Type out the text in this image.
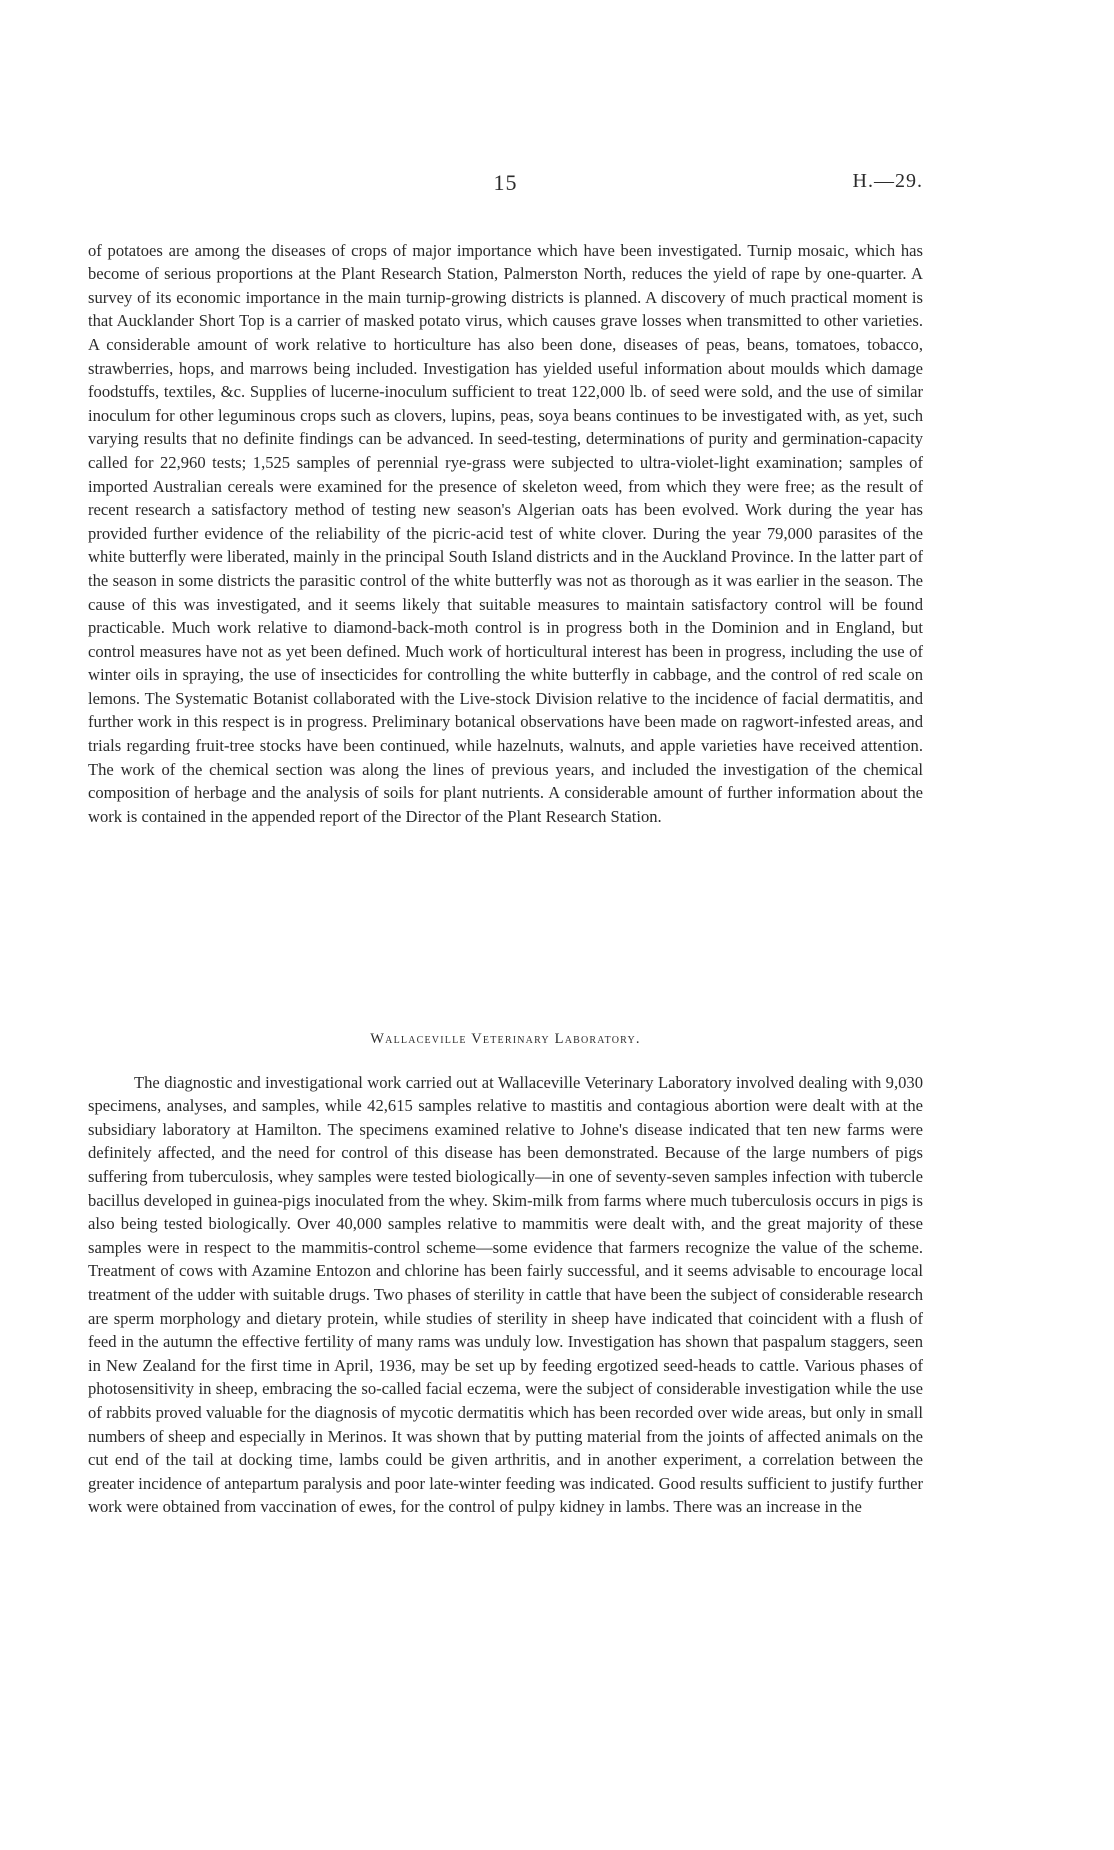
15	H.—29.

of potatoes are among the diseases of crops of major importance which have been investigated. Turnip mosaic, which has become of serious proportions at the Plant Research Station, Palmerston North, reduces the yield of rape by one-quarter. A survey of its economic importance in the main turnip-growing districts is planned. A discovery of much practical moment is that Aucklander Short Top is a carrier of masked potato virus, which causes grave losses when transmitted to other varieties. A considerable amount of work relative to horticulture has also been done, diseases of peas, beans, tomatoes, tobacco, strawberries, hops, and marrows being included. Investigation has yielded useful information about moulds which damage foodstuffs, textiles, &c. Supplies of lucerne-inoculum sufficient to treat 122,000 lb. of seed were sold, and the use of similar inoculum for other leguminous crops such as clovers, lupins, peas, soya beans continues to be investigated with, as yet, such varying results that no definite findings can be advanced. In seed-testing, determinations of purity and germination-capacity called for 22,960 tests; 1,525 samples of perennial rye-grass were subjected to ultra-violet-light examination; samples of imported Australian cereals were examined for the presence of skeleton weed, from which they were free; as the result of recent research a satisfactory method of testing new season's Algerian oats has been evolved. Work during the year has provided further evidence of the reliability of the picric-acid test of white clover. During the year 79,000 parasites of the white butterfly were liberated, mainly in the principal South Island districts and in the Auckland Province. In the latter part of the season in some districts the parasitic control of the white butterfly was not as thorough as it was earlier in the season. The cause of this was investigated, and it seems likely that suitable measures to maintain satisfactory control will be found practicable. Much work relative to diamond-back-moth control is in progress both in the Dominion and in England, but control measures have not as yet been defined. Much work of horticultural interest has been in progress, including the use of winter oils in spraying, the use of insecticides for controlling the white butterfly in cabbage, and the control of red scale on lemons. The Systematic Botanist collaborated with the Live-stock Division relative to the incidence of facial dermatitis, and further work in this respect is in progress. Preliminary botanical observations have been made on ragwort-infested areas, and trials regarding fruit-tree stocks have been continued, while hazelnuts, walnuts, and apple varieties have received attention. The work of the chemical section was along the lines of previous years, and included the investigation of the chemical composition of herbage and the analysis of soils for plant nutrients. A considerable amount of further information about the work is contained in the appended report of the Director of the Plant Research Station.

Wallaceville Veterinary Laboratory.

The diagnostic and investigational work carried out at Wallaceville Veterinary Laboratory involved dealing with 9,030 specimens, analyses, and samples, while 42,615 samples relative to mastitis and contagious abortion were dealt with at the subsidiary laboratory at Hamilton. The specimens examined relative to Johne's disease indicated that ten new farms were definitely affected, and the need for control of this disease has been demonstrated. Because of the large numbers of pigs suffering from tuberculosis, whey samples were tested biologically—in one of seventy-seven samples infection with tubercle bacillus developed in guinea-pigs inoculated from the whey. Skim-milk from farms where much tuberculosis occurs in pigs is also being tested biologically. Over 40,000 samples relative to mammitis were dealt with, and the great majority of these samples were in respect to the mammitis-control scheme—some evidence that farmers recognize the value of the scheme. Treatment of cows with Azamine Entozon and chlorine has been fairly successful, and it seems advisable to encourage local treatment of the udder with suitable drugs. Two phases of sterility in cattle that have been the subject of considerable research are sperm morphology and dietary protein, while studies of sterility in sheep have indicated that coincident with a flush of feed in the autumn the effective fertility of many rams was unduly low. Investigation has shown that paspalum staggers, seen in New Zealand for the first time in April, 1936, may be set up by feeding ergotized seed-heads to cattle. Various phases of photosensitivity in sheep, embracing the so-called facial eczema, were the subject of considerable investigation while the use of rabbits proved valuable for the diagnosis of mycotic dermatitis which has been recorded over wide areas, but only in small numbers of sheep and especially in Merinos. It was shown that by putting material from the joints of affected animals on the cut end of the tail at docking time, lambs could be given arthritis, and in another experiment, a correlation between the greater incidence of antepartum paralysis and poor late-winter feeding was indicated. Good results sufficient to justify further work were obtained from vaccination of ewes, for the control of pulpy kidney in lambs. There was an increase in the
